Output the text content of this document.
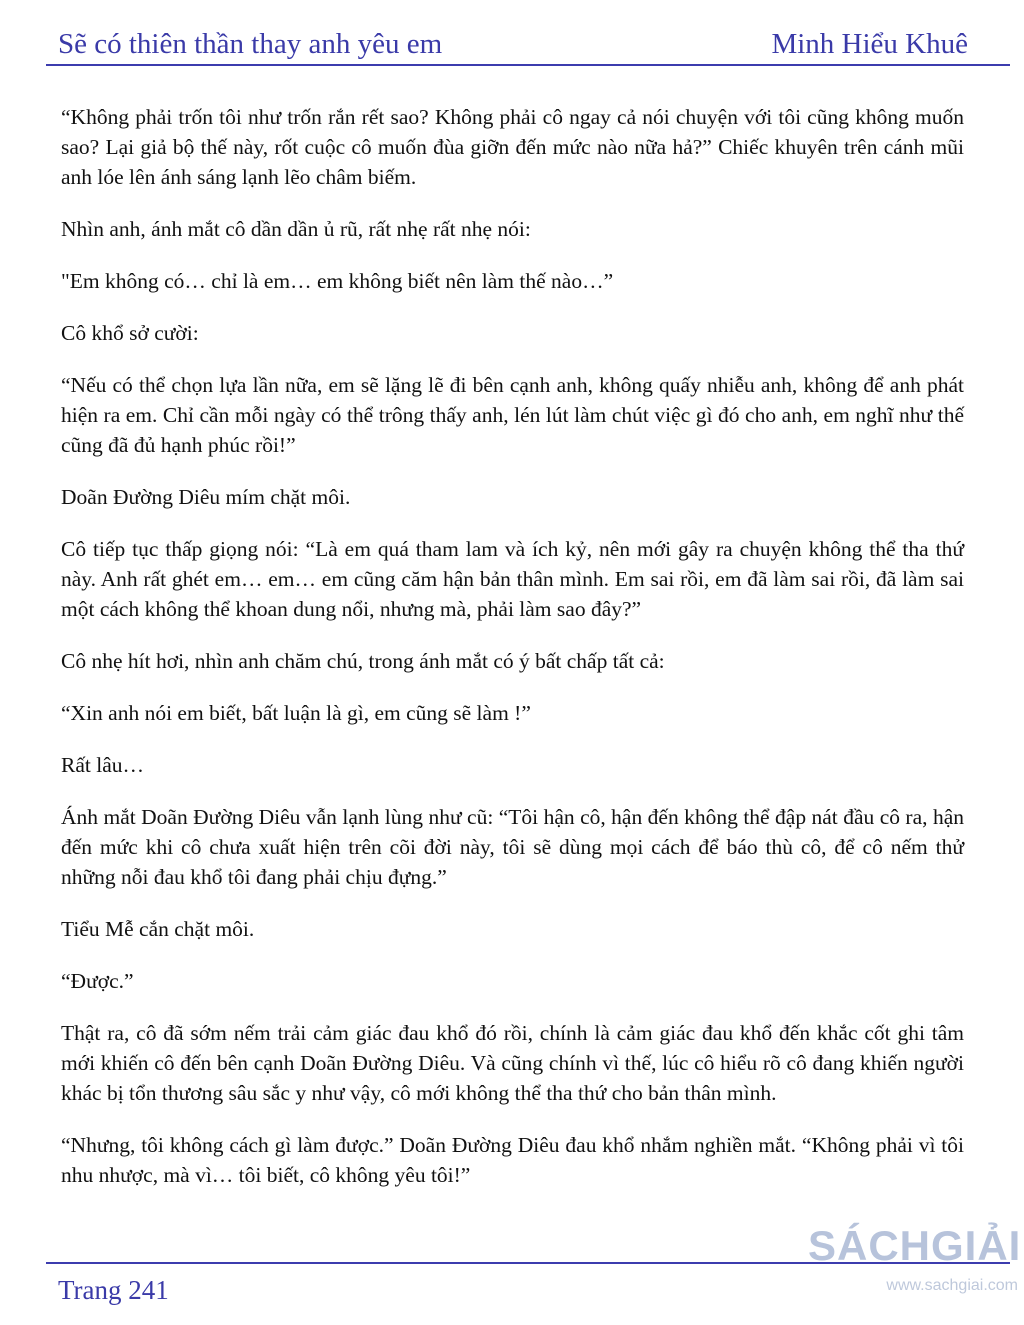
Sẽ có thiên thần thay anh yêu em	Minh Hiểu Khuê

“Không phải trốn tôi như trốn rắn rết sao? Không phải cô ngay cả nói chuyện với tôi cũng không muốn sao? Lại giả bộ thế này, rốt cuộc cô muốn đùa giỡn đến mức nào nữa hả?” Chiếc khuyên trên cánh mũi anh lóe lên ánh sáng lạnh lẽo châm biếm.

Nhìn anh, ánh mắt cô dần dần ủ rũ, rất nhẹ rất nhẹ nói:

"Em không có… chỉ là em… em không biết nên làm thế nào…”

Cô khổ sở cười:

“Nếu có thể chọn lựa lần nữa, em sẽ lặng lẽ đi bên cạnh anh, không quấy nhiễu anh, không để anh phát hiện ra em. Chỉ cần mỗi ngày có thể trông thấy anh, lén lút làm chút việc gì đó cho anh, em nghĩ như thế cũng đã đủ hạnh phúc rồi!”

Doãn Đường Diêu mím chặt môi.

Cô tiếp tục thấp giọng nói: “Là em quá tham lam và ích kỷ, nên mới gây ra chuyện không thể tha thứ này. Anh rất ghét em… em… em cũng căm hận bản thân mình. Em sai rồi, em đã làm sai rồi, đã làm sai một cách không thể khoan dung nổi, nhưng mà, phải làm sao đây?”

Cô nhẹ hít hơi, nhìn anh chăm chú, trong ánh mắt có ý bất chấp tất cả:

“Xin anh nói em biết, bất luận là gì, em cũng sẽ làm !”

Rất lâu…

Ánh mắt Doãn Đường Diêu vẫn lạnh lùng như cũ: “Tôi hận cô, hận đến không thể đập nát đầu cô ra, hận đến mức khi cô chưa xuất hiện trên cõi đời này, tôi sẽ dùng mọi cách để báo thù cô, để cô nếm thử những nỗi đau khổ tôi đang phải chịu đựng.”

Tiểu Mễ cắn chặt môi.

“Được.”

Thật ra, cô đã sớm nếm trải cảm giác đau khổ đó rồi, chính là cảm giác đau khổ đến khắc cốt ghi tâm mới khiến cô đến bên cạnh Doãn Đường Diêu. Và cũng chính vì thế, lúc cô hiểu rõ cô đang khiến người khác bị tổn thương sâu sắc y như vậy, cô mới không thể tha thứ cho bản thân mình.

“Nhưng, tôi không cách gì làm được.” Doãn Đường Diêu đau khổ nhắm nghiền mắt. “Không phải vì tôi nhu nhược, mà vì… tôi biết, cô không yêu tôi!”

Trang 241
SÁCHGIẢI
www.sachgiai.com
